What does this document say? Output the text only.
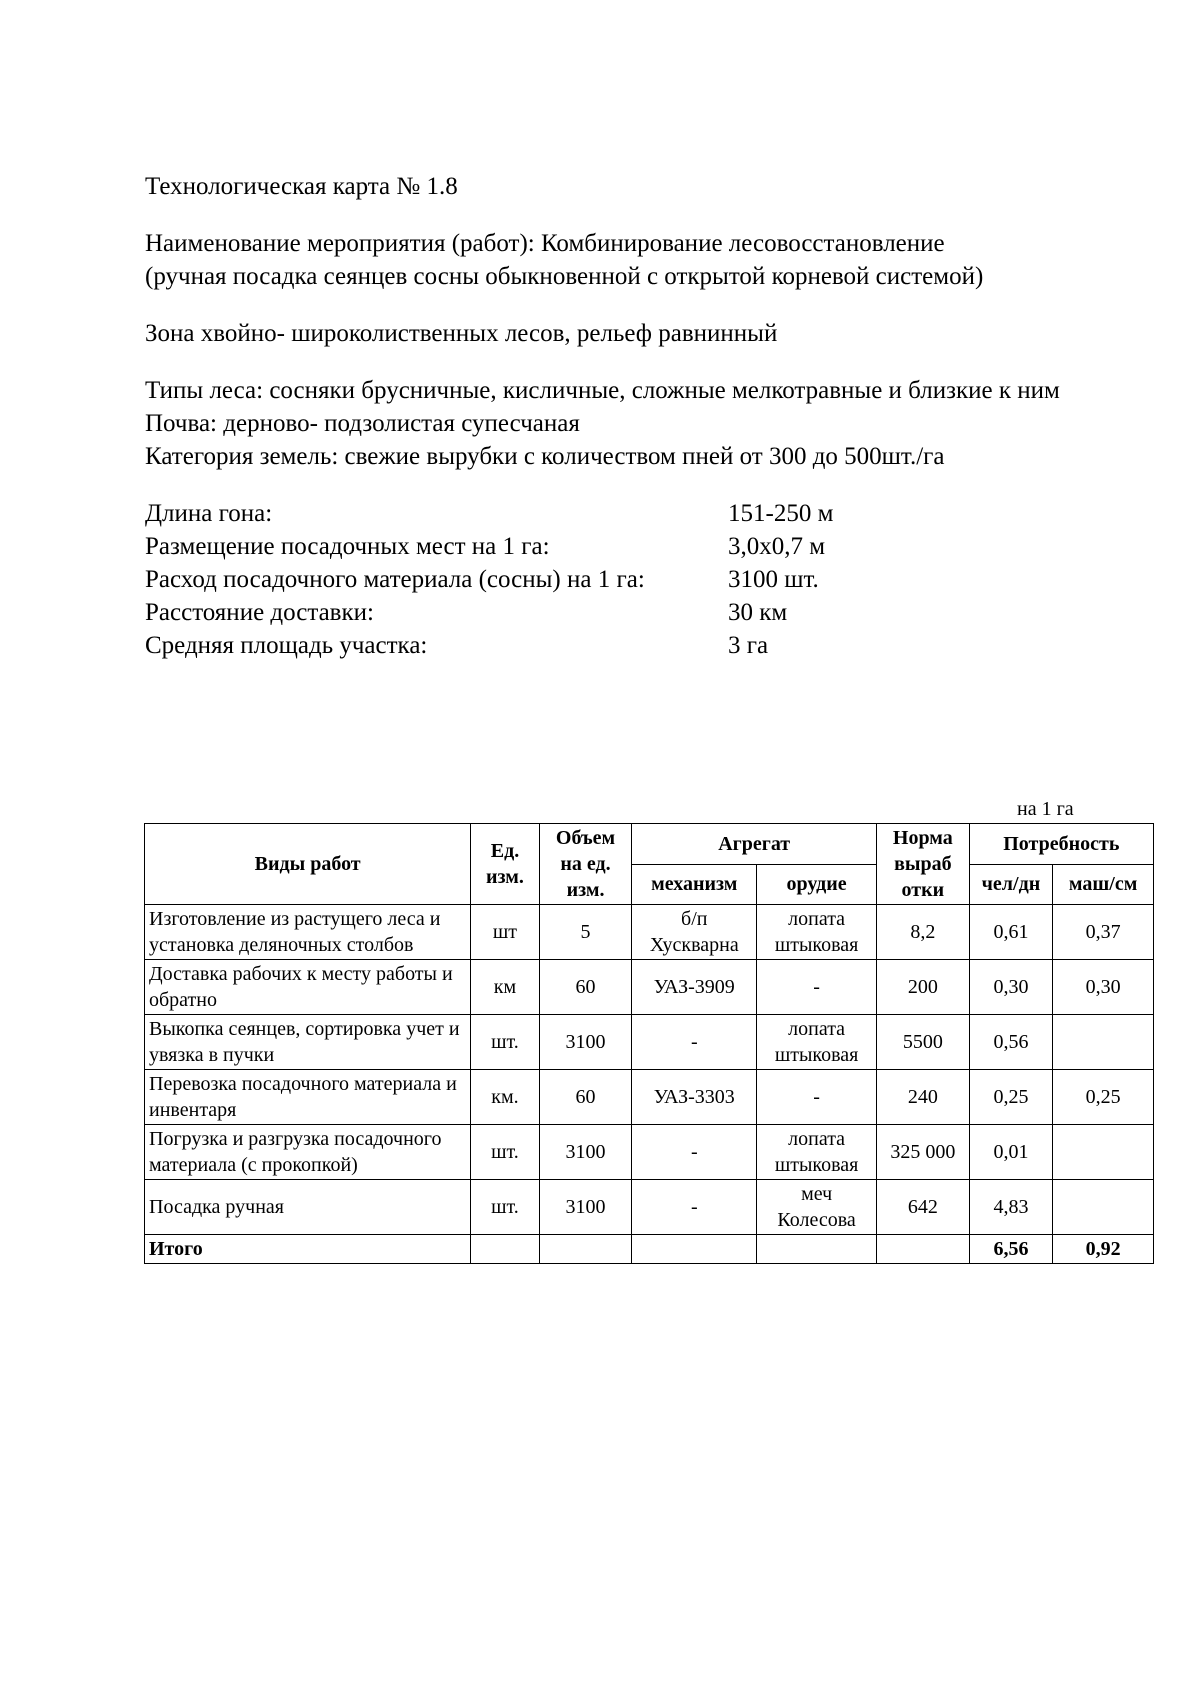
Технологическая карта № 1.8

Наименование мероприятия (работ): Комбинирование лесовосстановление

(ручная посадка сеянцев сосны обыкновенной с открытой корневой системой)

Зона хвойно- широколиственных лесов, рельеф равнинный

Типы леса: сосняки брусничные, кисличные, сложные мелкотравные и близкие к ним

Почва: дерново- подзолистая супесчаная

Категория земель: свежие вырубки с количеством пней от 300 до 500шт./га

Длина гона:	151-250 м
Размещение посадочных мест на 1 га:	3,0х0,7 м
Расход посадочного материала (сосны) на 1 га:	3100 шт.
Расстояние доставки:	30 км
Средняя площадь участка:	3 га
на 1 га
Виды работ	Ед. изм.	Объем на ед. изм.	Агрегат		Норма выраб отки	Потребность	
			механизм	орудие		чел/дн	маш/см
Изготовление из растущего леса и установка деляночных столбов	шт	5	б/п Хускварна	лопата штыковая	8,2	0,61	0,37
Доставка рабочих к месту работы и обратно	км	60	УАЗ-3909	-	200	0,30	0,30
Выкопка сеянцев, сортировка учет и увязка в пучки	шт.	3100	-	лопата штыковая	5500	0,56	
Перевозка посадочного материала и инвентаря	км.	60	УАЗ-3303	-	240	0,25	0,25
Погрузка и разгрузка посадочного материала (с прокопкой)	шт.	3100	-	лопата штыковая	325 000	0,01	
Посадка ручная	шт.	3100	-	меч Колесова	642	4,83	
Итого						6,56	0,92
